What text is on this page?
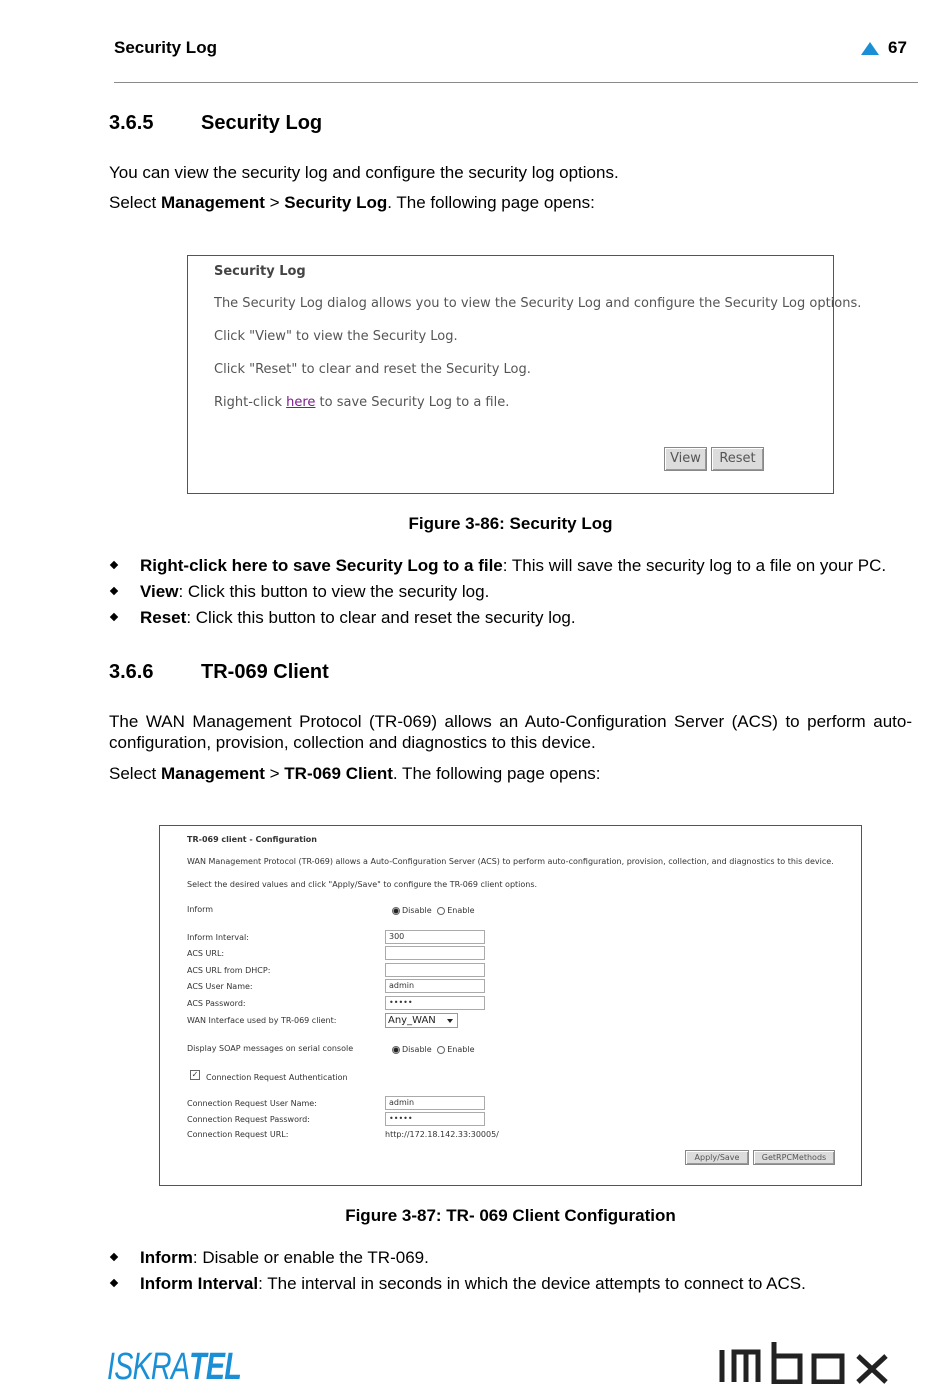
Security Log	67
3.6.5 Security Log

You can view the security log and configure the security log options.

Select Management > Security Log. The following page opens:

Security Log
The Security Log dialog allows you to view the Security Log and configure the Security Log options.
Click "View" to view the Security Log.
Click "Reset" to clear and reset the Security Log.
Right-click here to save Security Log to a file.
View	Reset

Figure 3-86: Security Log

Right-click here to save Security Log to a file: This will save the security log to a file on your PC.
View: Click this button to view the security log.
Reset: Click this button to clear and reset the security log.
3.6.6 TR-069 Client

The WAN Management Protocol (TR-069) allows an Auto-Configuration Server (ACS) to perform auto-configuration, provision, collection and diagnostics to this device.

Select Management > TR-069 Client. The following page opens:

TR-069 client - Configuration
WAN Management Protocol (TR-069) allows a Auto-Configuration Server (ACS) to perform auto-configuration, provision, collection, and diagnostics to this device.
Select the desired values and click "Apply/Save" to configure the TR-069 client options.
Inform	Disable Enable
Inform Interval:	300
ACS URL:
ACS URL from DHCP:
ACS User Name:	admin
ACS Password:	•••••
WAN Interface used by TR-069 client:	Any_WAN
Display SOAP messages on serial console	Disable Enable
✓ Connection Request Authentication
Connection Request User Name:	admin
Connection Request Password:	•••••
Connection Request URL:	http://172.18.142.33:30005/
Apply/Save	GetRPCMethods

Figure 3-87: TR- 069 Client Configuration

Inform: Disable or enable the TR-069.
Inform Interval: The interval in seconds in which the device attempts to connect to ACS.
ISKRATE
